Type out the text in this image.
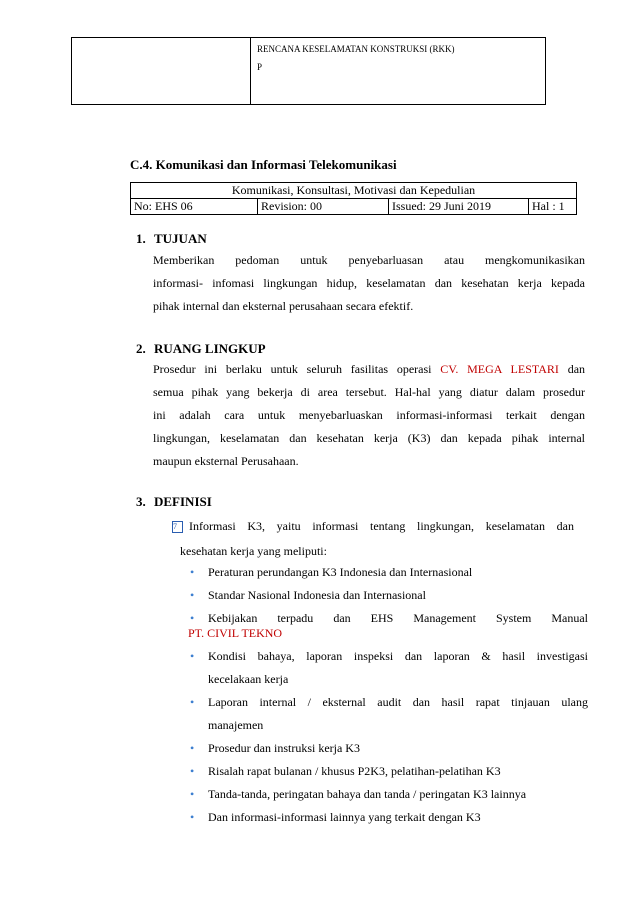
RENCANA KESELAMATAN KONSTRUKSI (RKK)
P
C.4. Komunikasi dan Informasi Telekomunikasi
Komunikasi, Konsultasi, Motivasi dan Kepedulian
No: EHS 06	Revision: 00	Issued: 29 Juni 2019	Hal : 1
1. TUJUAN
Memberikan pedoman untuk penyebarluasan atau mengkomunikasikan
informasi- infomasi lingkungan hidup, keselamatan dan kesehatan kerja kepada
pihak internal dan eksternal perusahaan secara efektif.
2. RUANG LINGKUP
Prosedur ini berlaku untuk seluruh fasilitas operasi CV. MEGA LESTARI dan
semua pihak yang bekerja di area tersebut. Hal-hal yang diatur dalam prosedur
ini adalah cara untuk menyebarluaskan informasi-informasi terkait dengan
lingkungan, keselamatan dan kesehatan kerja (K3) dan kepada pihak internal
maupun eksternal Perusahaan.
3. DEFINISI
7 Informasi K3, yaitu informasi tentang lingkungan, keselamatan dan
kesehatan kerja yang meliputi:
• Peraturan perundangan K3 Indonesia dan Internasional
• Standar Nasional Indonesia dan Internasional
• Kebijakan terpadu dan EHS Management System Manual
PT. CIVIL TEKNO
• Kondisi bahaya, laporan inspeksi dan laporan & hasil investigasi
kecelakaan kerja
• Laporan internal / eksternal audit dan hasil rapat tinjauan ulang
manajemen
• Prosedur dan instruksi kerja K3
• Risalah rapat bulanan / khusus P2K3, pelatihan-pelatihan K3
• Tanda-tanda, peringatan bahaya dan tanda / peringatan K3 lainnya
• Dan informasi-informasi lainnya yang terkait dengan K3
